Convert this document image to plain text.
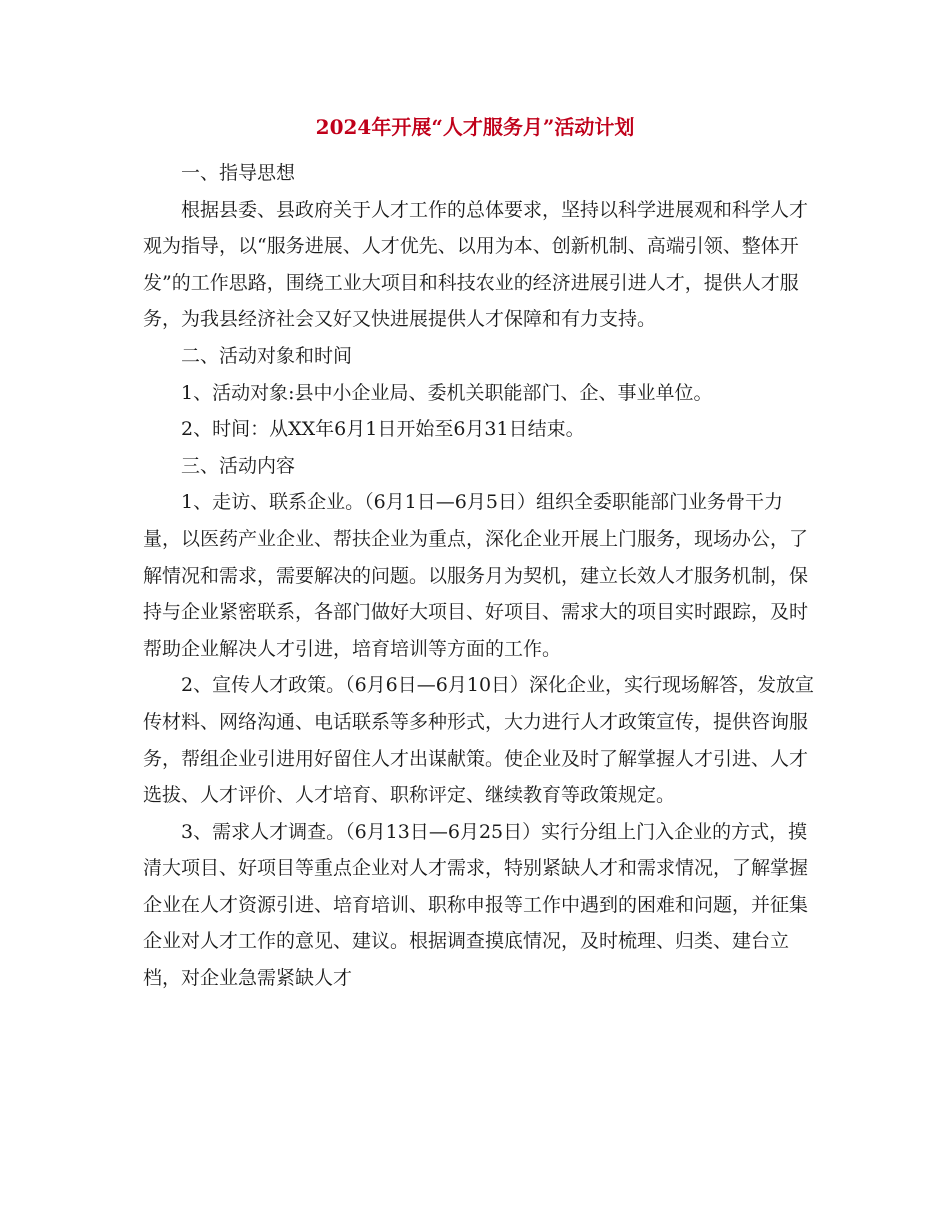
2024年开展“人才服务月”活动计划

一、指导思想

根据县委、县政府关于人才工作的总体要求，坚持以科学进展观和科学人才观为指导，以“服务进展、人才优先、以用为本、创新机制、高端引领、整体开发”的工作思路，围绕工业大项目和科技农业的经济进展引进人才，提供人才服务，为我县经济社会又好又快进展提供人才保障和有力支持。

二、活动对象和时间

1、活动对象:县中小企业局、委机关职能部门、企、事业单位。

2、时间：从XX年6月1日开始至6月31日结束。

三、活动内容

1、走访、联系企业。（6月1日—6月5日）组织全委职能部门业务骨干力量，以医药产业企业、帮扶企业为重点，深化企业开展上门服务，现场办公，了解情况和需求，需要解决的问题。以服务月为契机，建立长效人才服务机制，保持与企业紧密联系，各部门做好大项目、好项目、需求大的项目实时跟踪，及时帮助企业解决人才引进，培育培训等方面的工作。

2、宣传人才政策。（6月6日—6月10日）深化企业，实行现场解答，发放宣传材料、网络沟通、电话联系等多种形式，大力进行人才政策宣传，提供咨询服务，帮组企业引进用好留住人才出谋献策。使企业及时了解掌握人才引进、人才选拔、人才评价、人才培育、职称评定、继续教育等政策规定。

3、需求人才调查。（6月13日—6月25日）实行分组上门入企业的方式，摸清大项目、好项目等重点企业对人才需求，特别紧缺人才和需求情况，了解掌握企业在人才资源引进、培育培训、职称申报等工作中遇到的困难和问题，并征集企业对人才工作的意见、建议。根据调查摸底情况，及时梳理、归类、建台立档，对企业急需紧缺人才
